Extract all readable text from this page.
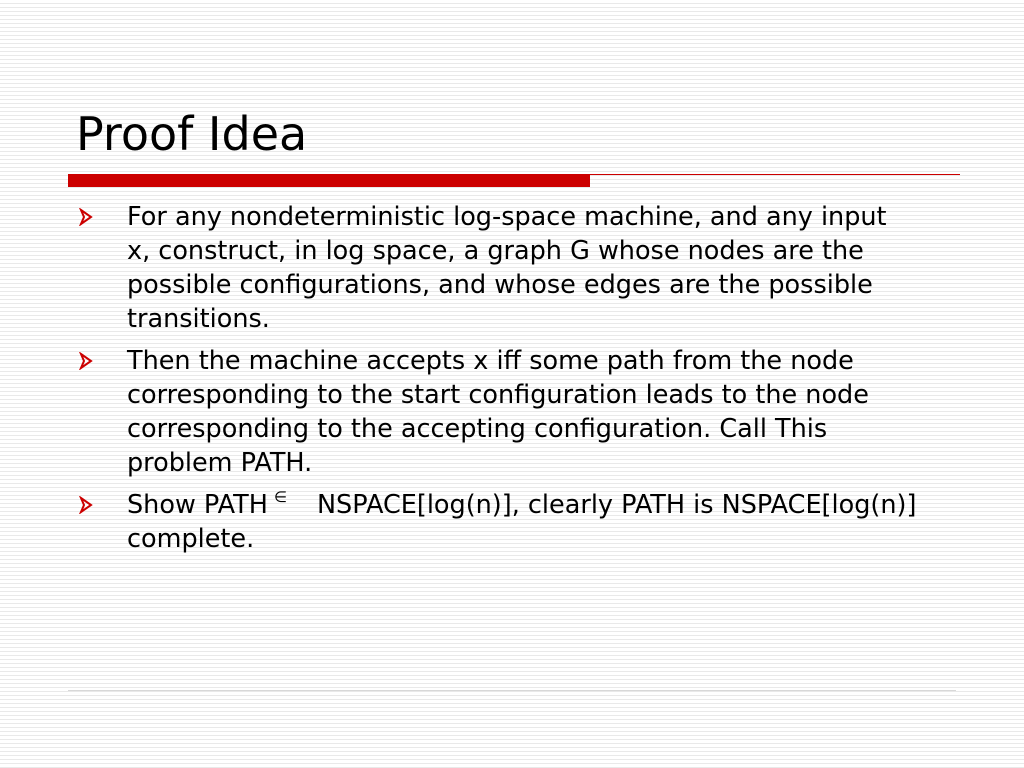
Proof Idea
For any nondeterministic log-space machine, and any input x, construct, in log space, a graph G whose nodes are the possible configurations, and whose edges are the possible transitions.
Then the machine accepts x iff some path from the node corresponding to the start configuration leads to the node corresponding to the accepting configuration. Call This problem PATH.
Show PATH ∈ NSPACE[log(n)], clearly PATH is NSPACE[log(n)] complete.
